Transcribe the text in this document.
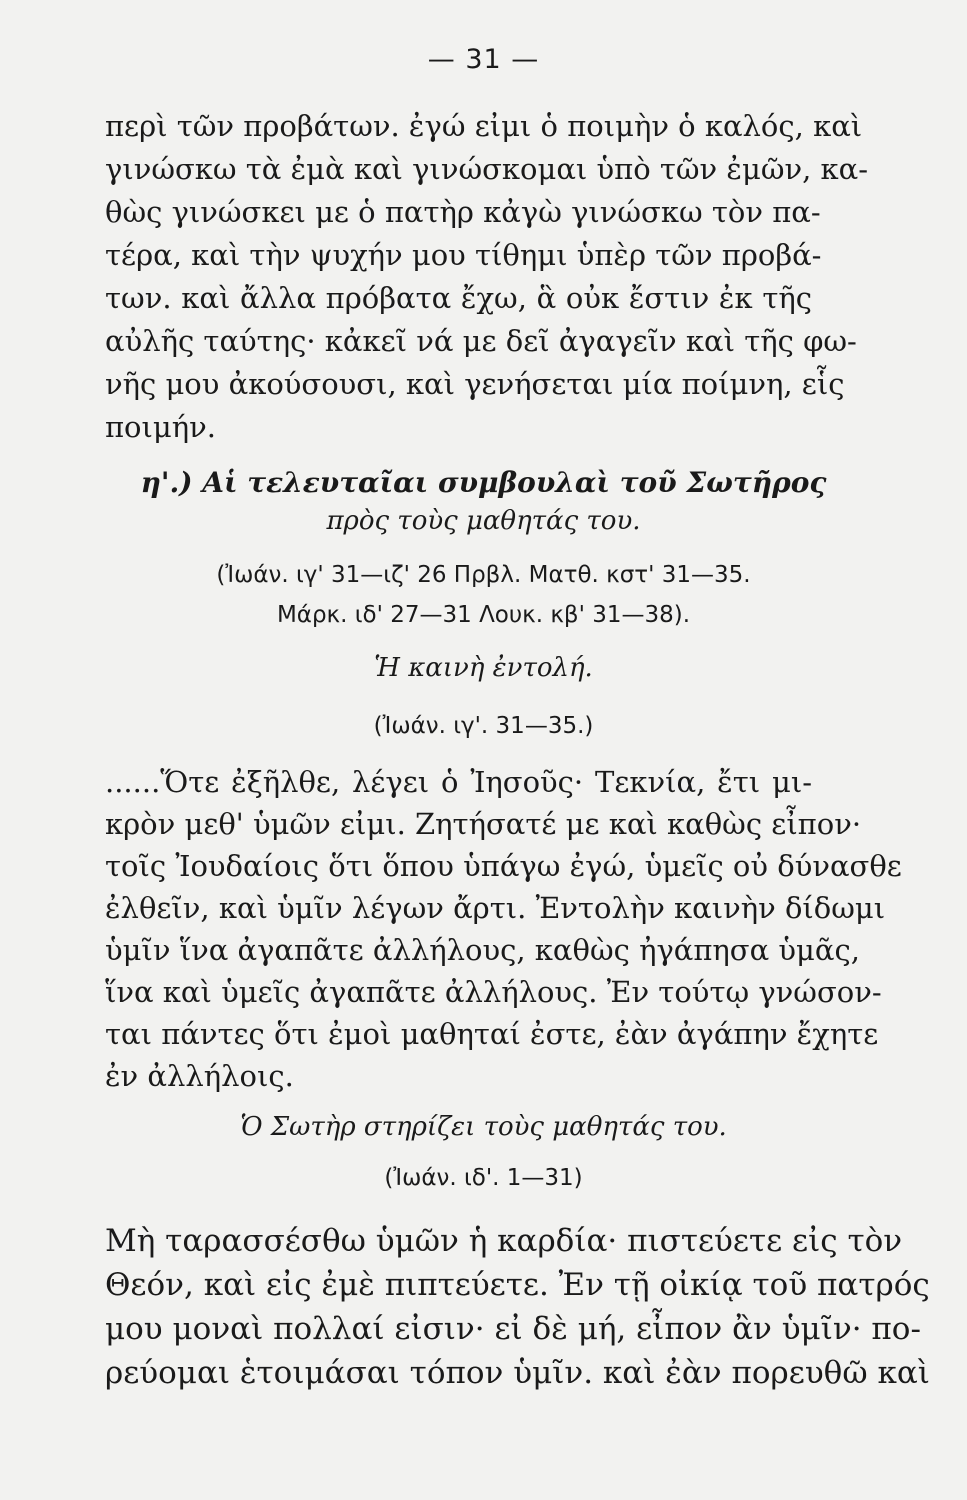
— 31 —
περὶ τῶν προβάτων. ἐγώ εἰμι ὁ ποιμὴν ὁ καλός, καὶ
γινώσκω τὰ ἐμὰ καὶ γινώσκομαι ὑπὸ τῶν ἐμῶν, κα-
θὼς γινώσκει με ὁ πατὴρ κἀγὼ γινώσκω τὸν πα-
τέρα, καὶ τὴν ψυχήν μου τίθημι ὑπὲρ τῶν προβά-
των. καὶ ἄλλα πρόβατα ἔχω, ἃ οὐκ ἔστιν ἐκ τῆς
αὐλῆς ταύτης· κἀκεῖ νά με δεῖ ἀγαγεῖν καὶ τῆς φω-
νῆς μου ἀκούσουσι, καὶ γενήσεται μία ποίμνη, εἷς
ποιμήν.
η'.) Αἱ τελευταῖαι συμβουλαὶ τοῦ Σωτῆρος
πρὸς τοὺς μαθητάς του.
(Ἰωάν. ιγ' 31—ιζ' 26 Πρβλ. Ματθ. κστ' 31—35.
Μάρκ. ιδ' 27—31 Λουκ. κβ' 31—38).
Ἡ καινὴ ἐντολή.
(Ἰωάν. ιγ'. 31—35.)
......Ὅτε ἐξῆλθε, λέγει ὁ Ἰησοῦς· Τεκνία, ἔτι μι-
κρὸν μεθ' ὑμῶν εἰμι. Ζητήσατέ με καὶ καθὼς εἶπον·
τοῖς Ἰουδαίοις ὅτι ὅπου ὑπάγω ἐγώ, ὑμεῖς οὐ δύνασθε
ἐλθεῖν, καὶ ὑμῖν λέγων ἄρτι. Ἐντολὴν καινὴν δίδωμι
ὑμῖν ἵνα ἀγαπᾶτε ἀλλήλους, καθὼς ἠγάπησα ὑμᾶς,
ἵνα καὶ ὑμεῖς ἀγαπᾶτε ἀλλήλους. Ἐν τούτῳ γνώσον-
ται πάντες ὅτι ἐμοὶ μαθηταί ἐστε, ἐὰν ἀγάπην ἔχητε
ἐν ἀλλήλοις.
Ὁ Σωτὴρ στηρίζει τοὺς μαθητάς του.
(Ἰωάν. ιδ'. 1—31)
Μὴ ταρασσέσθω ὑμῶν ἡ καρδία· πιστεύετε εἰς τὸν
Θεόν, καὶ εἰς ἐμὲ πιπτεύετε. Ἐν τῇ οἰκίᾳ τοῦ πατρός
μου μοναὶ πολλαί εἰσιν· εἰ δὲ μή, εἶπον ἂν ὑμῖν· πο-
ρεύομαι ἑτοιμάσαι τόπον ὑμῖν. καὶ ἐὰν πορευθῶ καὶ
